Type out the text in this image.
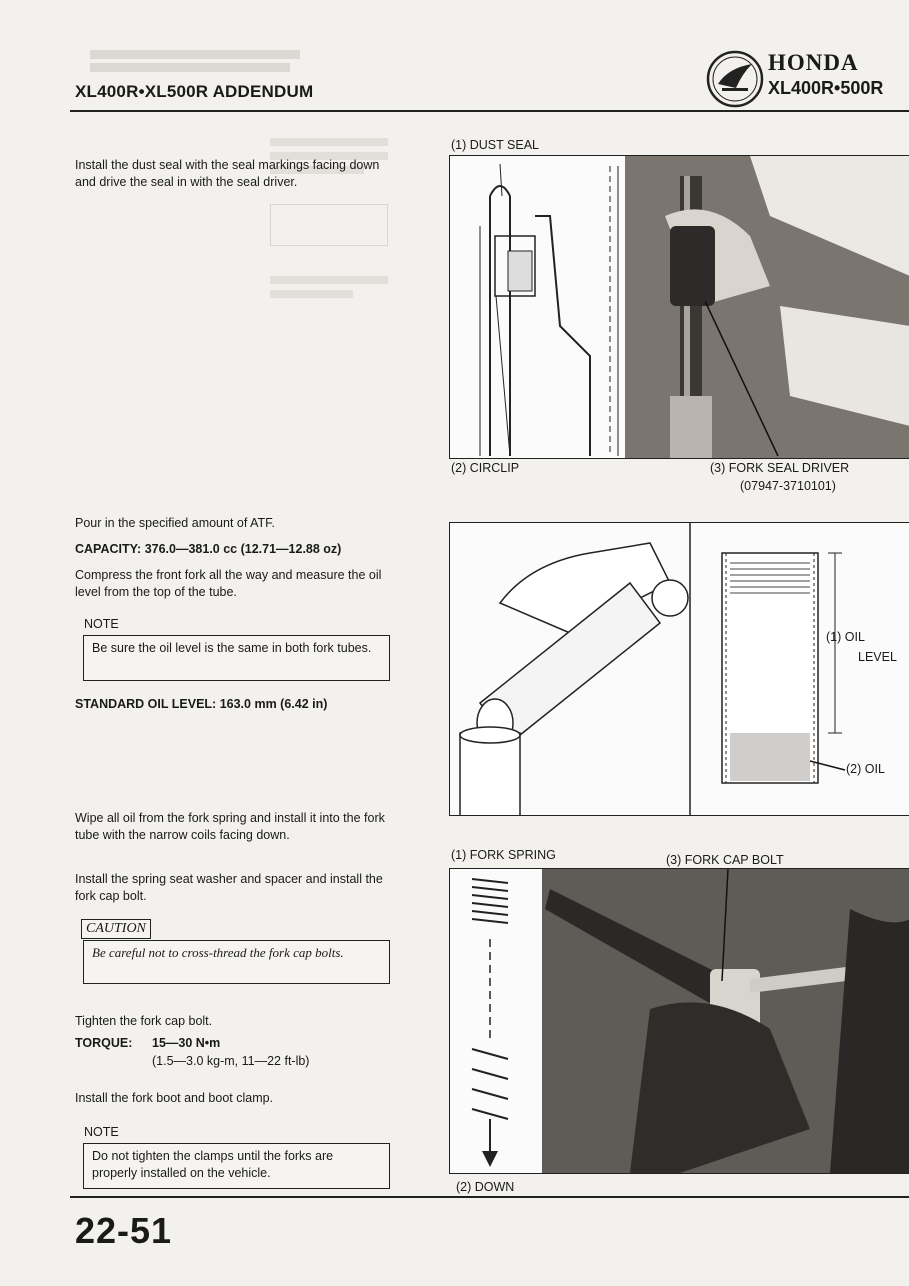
XL400R•XL500R ADDENDUM
HONDA
XL400R•500R
Install the dust seal with the seal markings facing down and drive the seal in with the seal driver.
(1) DUST SEAL
(2) CIRCLIP	(3) FORK SEAL DRIVER
(07947-3710101)
Pour in the specified amount of ATF.
CAPACITY: 376.0—381.0 cc (12.71—12.88 oz)
Compress the front fork all the way and measure the oil level from the top of the tube.
NOTE
Be sure the oil level is the same in both fork tubes.
STANDARD OIL LEVEL: 163.0 mm (6.42 in)
(1) OIL
LEVEL
(2) OIL
Wipe all oil from the fork spring and install it into the fork tube with the narrow coils facing down.
Install the spring seat washer and spacer and install the fork cap bolt.
CAUTION
Be careful not to cross-thread the fork cap bolts.
Tighten the fork cap bolt.
TORQUE: 15—30 N•m
(1.5—3.0 kg-m, 11—22 ft-lb)
Install the fork boot and boot clamp.
NOTE
Do not tighten the clamps until the forks are properly installed on the vehicle.
(1) FORK SPRING	(3) FORK CAP BOLT
(2) DOWN
22-51
